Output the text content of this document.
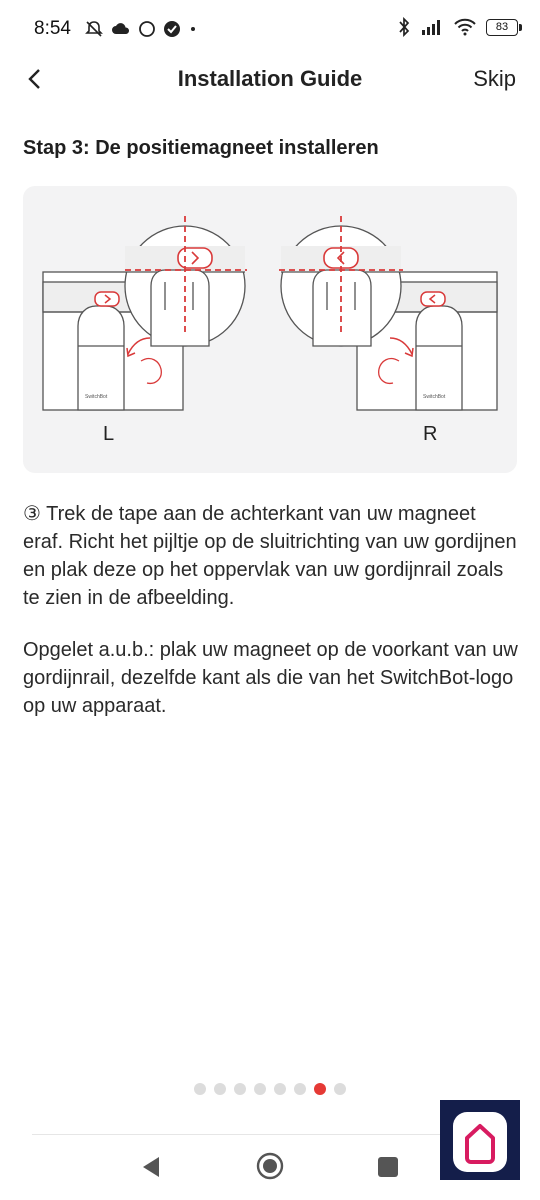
8:54	83
Installation Guide	Skip
Stap 3: De positiemagneet installeren
SwitchBot
L
SwitchBot
R
③ Trek de tape aan de achterkant van uw magneet eraf. Richt het pijltje op de sluitrichting van uw gordijnen en plak deze op het oppervlak van uw gordijnrail zoals te zien in de afbeelding.
Opgelet a.u.b.: plak uw magneet op de voorkant van uw gordijnrail, dezelfde kant als die van het SwitchBot-logo op uw apparaat.
